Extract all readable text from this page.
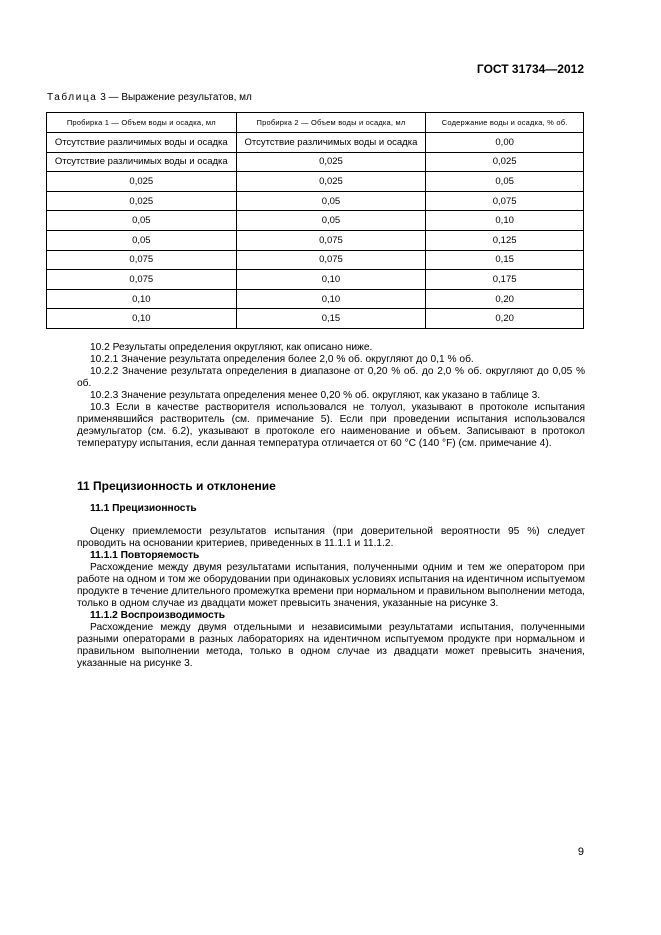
ГОСТ 31734—2012
Таблица 3 — Выражение результатов, мл
Пробирка 1 — Объем воды и осадка, мл	Пробирка 2 — Объем воды и осадка, мл	Содержание воды и осадка, % об.
Отсутствие различимых воды и осадка	Отсутствие различимых воды и осадка	0,00
Отсутствие различимых воды и осадка	0,025	0,025
0,025	0,025	0,05
0,025	0,05	0,075
0,05	0,05	0,10
0,05	0,075	0,125
0,075	0,075	0,15
0,075	0,10	0,175
0,10	0,10	0,20
0,10	0,15	0,20

10.2 Результаты определения округляют, как описано ниже.

10.2.1 Значение результата определения более 2,0 % об. округляют до 0,1 % об.

10.2.2 Значение результата определения в диапазоне от 0,20 % об. до 2,0 % об. округляют до 0,05 % об.

10.2.3 Значение результата определения менее 0,20 % об. округляют, как указано в таблице 3.

10.3 Если в качестве растворителя использовался не толуол, указывают в протоколе испытания применявшийся растворитель (см. примечание 5). Если при проведении испытания использовался деэмульгатор (см. 6.2), указывают в протоколе его наименование и объем. Записывают в протокол температуру испытания, если данная температура отличается от 60 °С (140 °F) (см. примечание 4).

11 Прецизионность и отклонение

11.1 Прецизионность

Оценку приемлемости результатов испытания (при доверительной вероятности 95 %) следует проводить на основании критериев, приведенных в 11.1.1 и 11.1.2.

11.1.1 Повторяемость

Расхождение между двумя результатами испытания, полученными одним и тем же оператором при работе на одном и том же оборудовании при одинаковых условиях испытания на идентичном испытуемом продукте в течение длительного промежутка времени при нормальном и правильном выполнении метода, только в одном случае из двадцати может превысить значения, указанные на рисунке 3.

11.1.2 Воспроизводимость

Расхождение между двумя отдельными и независимыми результатами испытания, полученными разными операторами в разных лабораториях на идентичном испытуемом продукте при нормальном и правильном выполнении метода, только в одном случае из двадцати может превысить значения, указанные на рисунке 3.

9
